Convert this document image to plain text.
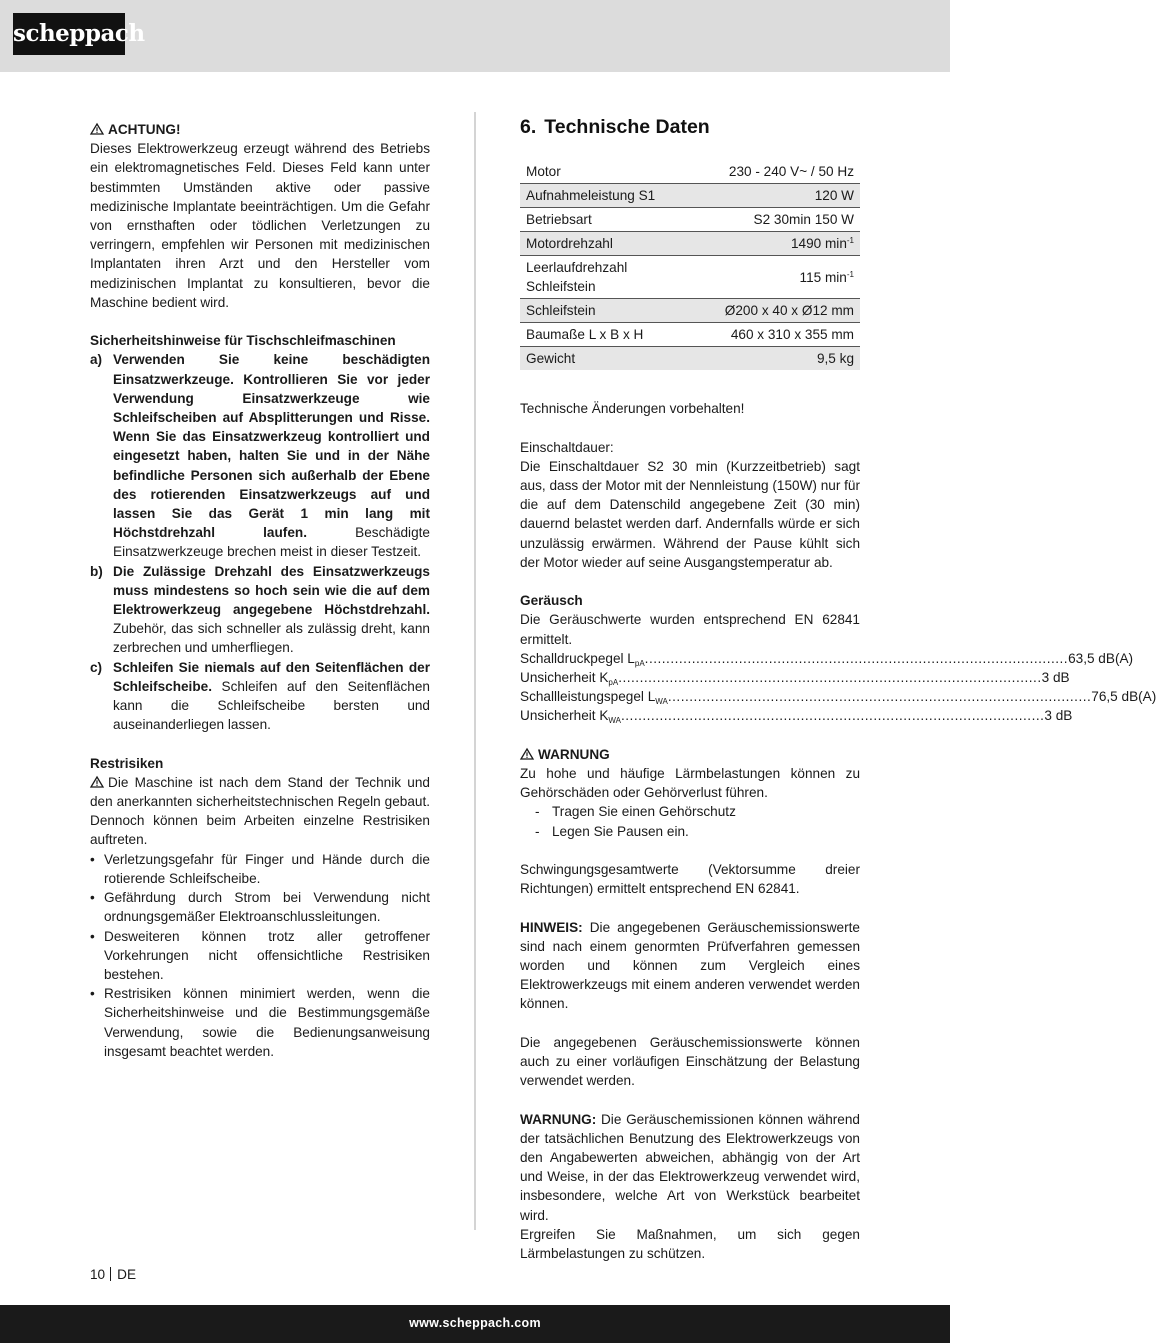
scheppach
ACHTUNG!

Dieses Elektrowerkzeug erzeugt während des Betriebs ein elektromagnetisches Feld. Dieses Feld kann unter bestimmten Umständen aktive oder passive medizinische Implantate beeinträchtigen. Um die Gefahr von ernsthaften oder tödlichen Verletzungen zu verringern, empfehlen wir Personen mit medizinischen Implantaten ihren Arzt und den Hersteller vom medizinischen Implantat zu konsultieren, bevor die Maschine bedient wird.

Sicherheitshinweise für Tischschleifmaschinen
a) Verwenden Sie keine beschädigten Einsatzwerkzeuge. Kontrollieren Sie vor jeder Verwendung Einsatzwerkzeuge wie Schleifscheiben auf Absplitterungen und Risse. Wenn Sie das Einsatzwerkzeug kontrolliert und eingesetzt haben, halten Sie und in der Nähe befindliche Personen sich außerhalb der Ebene des rotierenden Einsatzwerkzeugs auf und lassen Sie das Gerät 1 min lang mit Höchstdrehzahl laufen. Beschädigte Einsatzwerkzeuge brechen meist in dieser Testzeit.
b) Die Zulässige Drehzahl des Einsatzwerkzeugs muss mindestens so hoch sein wie die auf dem Elektrowerkzeug angegebene Höchstdrehzahl. Zubehör, das sich schneller als zulässig dreht, kann zerbrechen und umherfliegen.
c) Schleifen Sie niemals auf den Seitenflächen der Schleifscheibe. Schleifen auf den Seitenflächen kann die Schleifscheibe bersten und auseinanderliegen lassen.
Restrisiken

Die Maschine ist nach dem Stand der Technik und den anerkannten sicherheitstechnischen Regeln gebaut. Dennoch können beim Arbeiten einzelne Restrisiken auftreten.

• Verletzungsgefahr für Finger und Hände durch die rotierende Schleifscheibe.
• Gefährdung durch Strom bei Verwendung nicht ordnungsgemäßer Elektroanschlussleitungen.
• Desweiteren können trotz aller getroffener Vorkehrungen nicht offensichtliche Restrisiken bestehen.
• Restrisiken können minimiert werden, wenn die Sicherheitshinweise und die Bestimmungsgemäße Verwendung, sowie die Bedienungsanweisung insgesamt beachtet werden.
6. Technische Daten
Motor	230 - 240 V~ / 50 Hz
Aufnahmeleistung S1	120 W
Betriebsart	S2 30min 150 W
Motordrehzahl	1490 $\min^{-1}$
Leerlaufdrehzahl Schleifstein	115 $\min^{-1}$
Schleifstein	Ø200 x 40 x Ø12 mm
Baumaße L x B x H	460 x 310 x 355 mm
Gewicht	9,5 kg

Technische Änderungen vorbehalten!

Einschaltdauer:

Die Einschaltdauer S2 30 min (Kurzzeitbetrieb) sagt aus, dass der Motor mit der Nennleistung (150W) nur für die auf dem Datenschild angegebene Zeit (30 min) dauernd belastet werden darf. Andernfalls würde er sich unzulässig erwärmen. Während der Pause kühlt sich der Motor wieder auf seine Ausgangstemperatur ab.

Geräusch

Die Geräuschwerte wurden entsprechend EN 62841 ermittelt.

Schalldruckpegel $L_{pA}$ ................................................................................................... 63,5 dB(A)
Unsicherheit $K_{pA}$ ................................................................................................... 3 dB
Schallleistungspegel $L_{WA}$ ................................................................................................... 76,5 dB(A)
Unsicherheit $K_{WA}$ ................................................................................................... 3 dB
WARNUNG

Zu hohe und häufige Lärmbelastungen können zu Gehörschäden oder Gehörverlust führen.

- Tragen Sie einen Gehörschutz
- Legen Sie Pausen ein.

Schwingungsgesamtwerte (Vektorsumme dreier Richtungen) ermittelt entsprechend EN 62841.

HINWEIS: Die angegebenen Geräuschemissionswerte sind nach einem genormten Prüfverfahren gemessen worden und können zum Vergleich eines Elektrowerkzeugs mit einem anderen verwendet werden können.

Die angegebenen Geräuschemissionswerte können auch zu einer vorläufigen Einschätzung der Belastung verwendet werden.

WARNUNG: Die Geräuschemissionen können während der tatsächlichen Benutzung des Elektrowerkzeugs von den Angabewerten abweichen, abhängig von der Art und Weise, in der das Elektrowerkzeug verwendet wird, insbesondere, welche Art von Werkstück bearbeitet wird.

Ergreifen Sie Maßnahmen, um sich gegen Lärmbelastungen zu schützen.

10 DE
www.scheppach.com
